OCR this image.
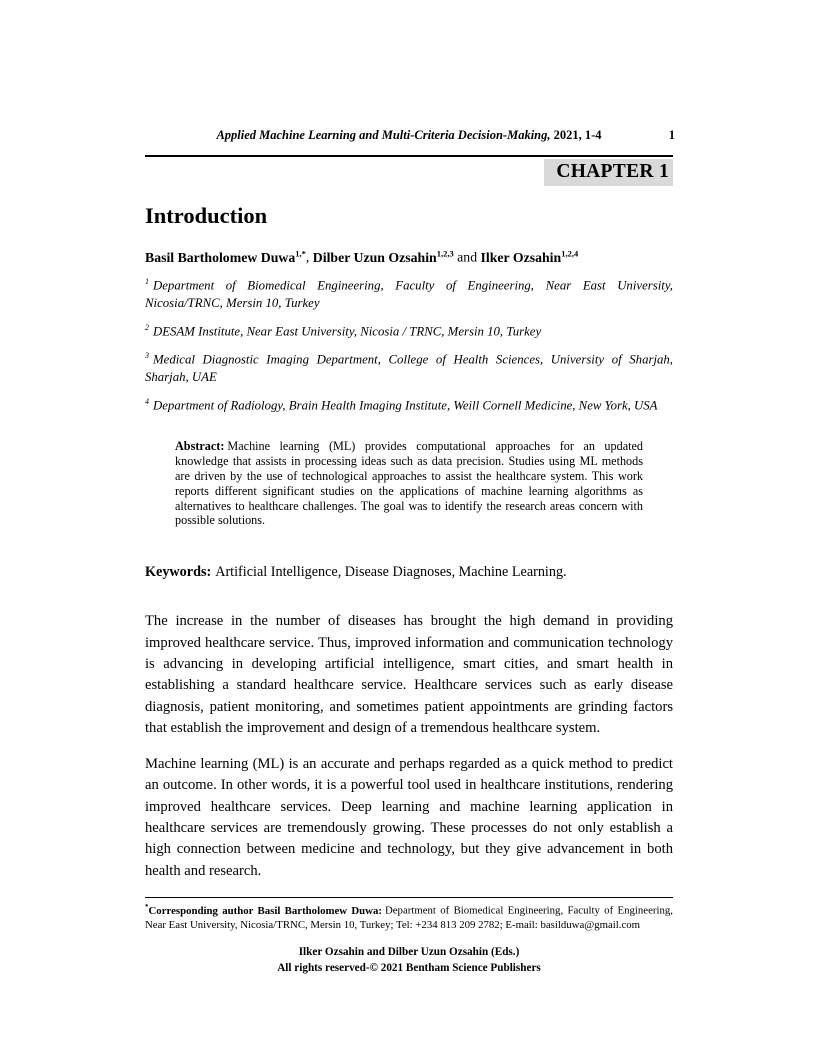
Applied Machine Learning and Multi-Criteria Decision-Making, 2021, 1-4	1
CHAPTER 1
Introduction
Basil Bartholomew Duwa$^{1,*}$, Dilber Uzun Ozsahin$^{1,2,3}$ and Ilker Ozsahin$^{1,2,4}$

$^1$ Department of Biomedical Engineering, Faculty of Engineering, Near East University, Nicosia/TRNC, Mersin 10, Turkey

$^2$ DESAM Institute, Near East University, Nicosia / TRNC, Mersin 10, Turkey

$^3$ Medical Diagnostic Imaging Department, College of Health Sciences, University of Sharjah, Sharjah, UAE

$^4$ Department of Radiology, Brain Health Imaging Institute, Weill Cornell Medicine, New York, USA

Abstract: Machine learning (ML) provides computational approaches for an updated knowledge that assists in processing ideas such as data precision. Studies using ML methods are driven by the use of technological approaches to assist the healthcare system. This work reports different significant studies on the applications of machine learning algorithms as alternatives to healthcare challenges. The goal was to identify the research areas concern with possible solutions.
Keywords: Artificial Intelligence, Disease Diagnoses, Machine Learning.

The increase in the number of diseases has brought the high demand in providing improved healthcare service. Thus, improved information and communication technology is advancing in developing artificial intelligence, smart cities, and smart health in establishing a standard healthcare service. Healthcare services such as early disease diagnosis, patient monitoring, and sometimes patient appointments are grinding factors that establish the improvement and design of a tremendous healthcare system.

Machine learning (ML) is an accurate and perhaps regarded as a quick method to predict an outcome. In other words, it is a powerful tool used in healthcare institutions, rendering improved healthcare services. Deep learning and machine learning application in healthcare services are tremendously growing. These processes do not only establish a high connection between medicine and technology, but they give advancement in both health and research.

*Corresponding author Basil Bartholomew Duwa: Department of Biomedical Engineering, Faculty of Engineering, Near East University, Nicosia/TRNC, Mersin 10, Turkey; Tel: +234 813 209 2782; E-mail: basilduwa@gmail.com
Ilker Ozsahin and Dilber Uzun Ozsahin (Eds.)
All rights reserved-© 2021 Bentham Science Publishers
